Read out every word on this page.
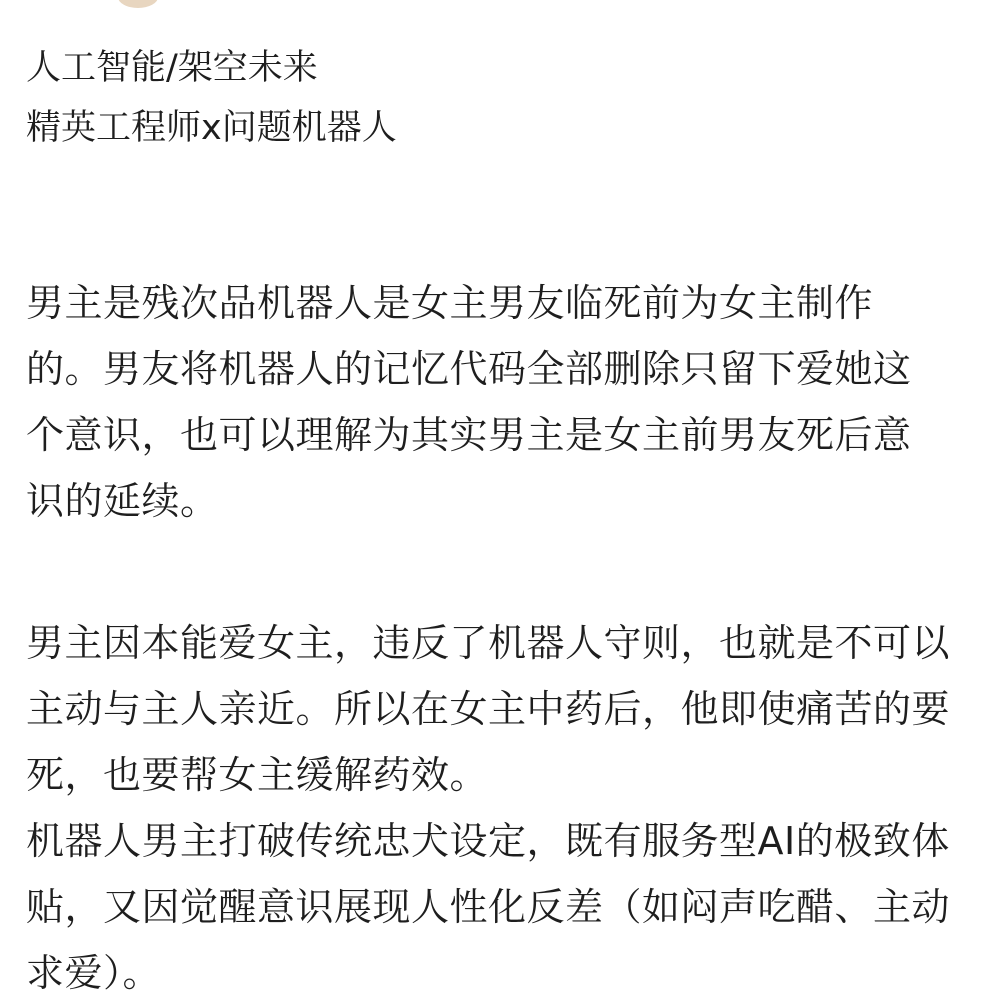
人工智能/架空未来
精英工程师x问题机器人
男主是残次品机器人是女主男友临死前为女主制作的。男友将机器人的记忆代码全部删除只留下爱她这个意识，也可以理解为其实男主是女主前男友死后意识的延续。
男主因本能爱女主，违反了机器人守则，也就是不可以主动与主人亲近。所以在女主中药后，他即使痛苦的要死，也要帮女主缓解药效。
机器人男主打破传统忠犬设定，既有服务型AI的极致体贴，又因觉醒意识展现人性化反差（如闷声吃醋、主动求爱）。
